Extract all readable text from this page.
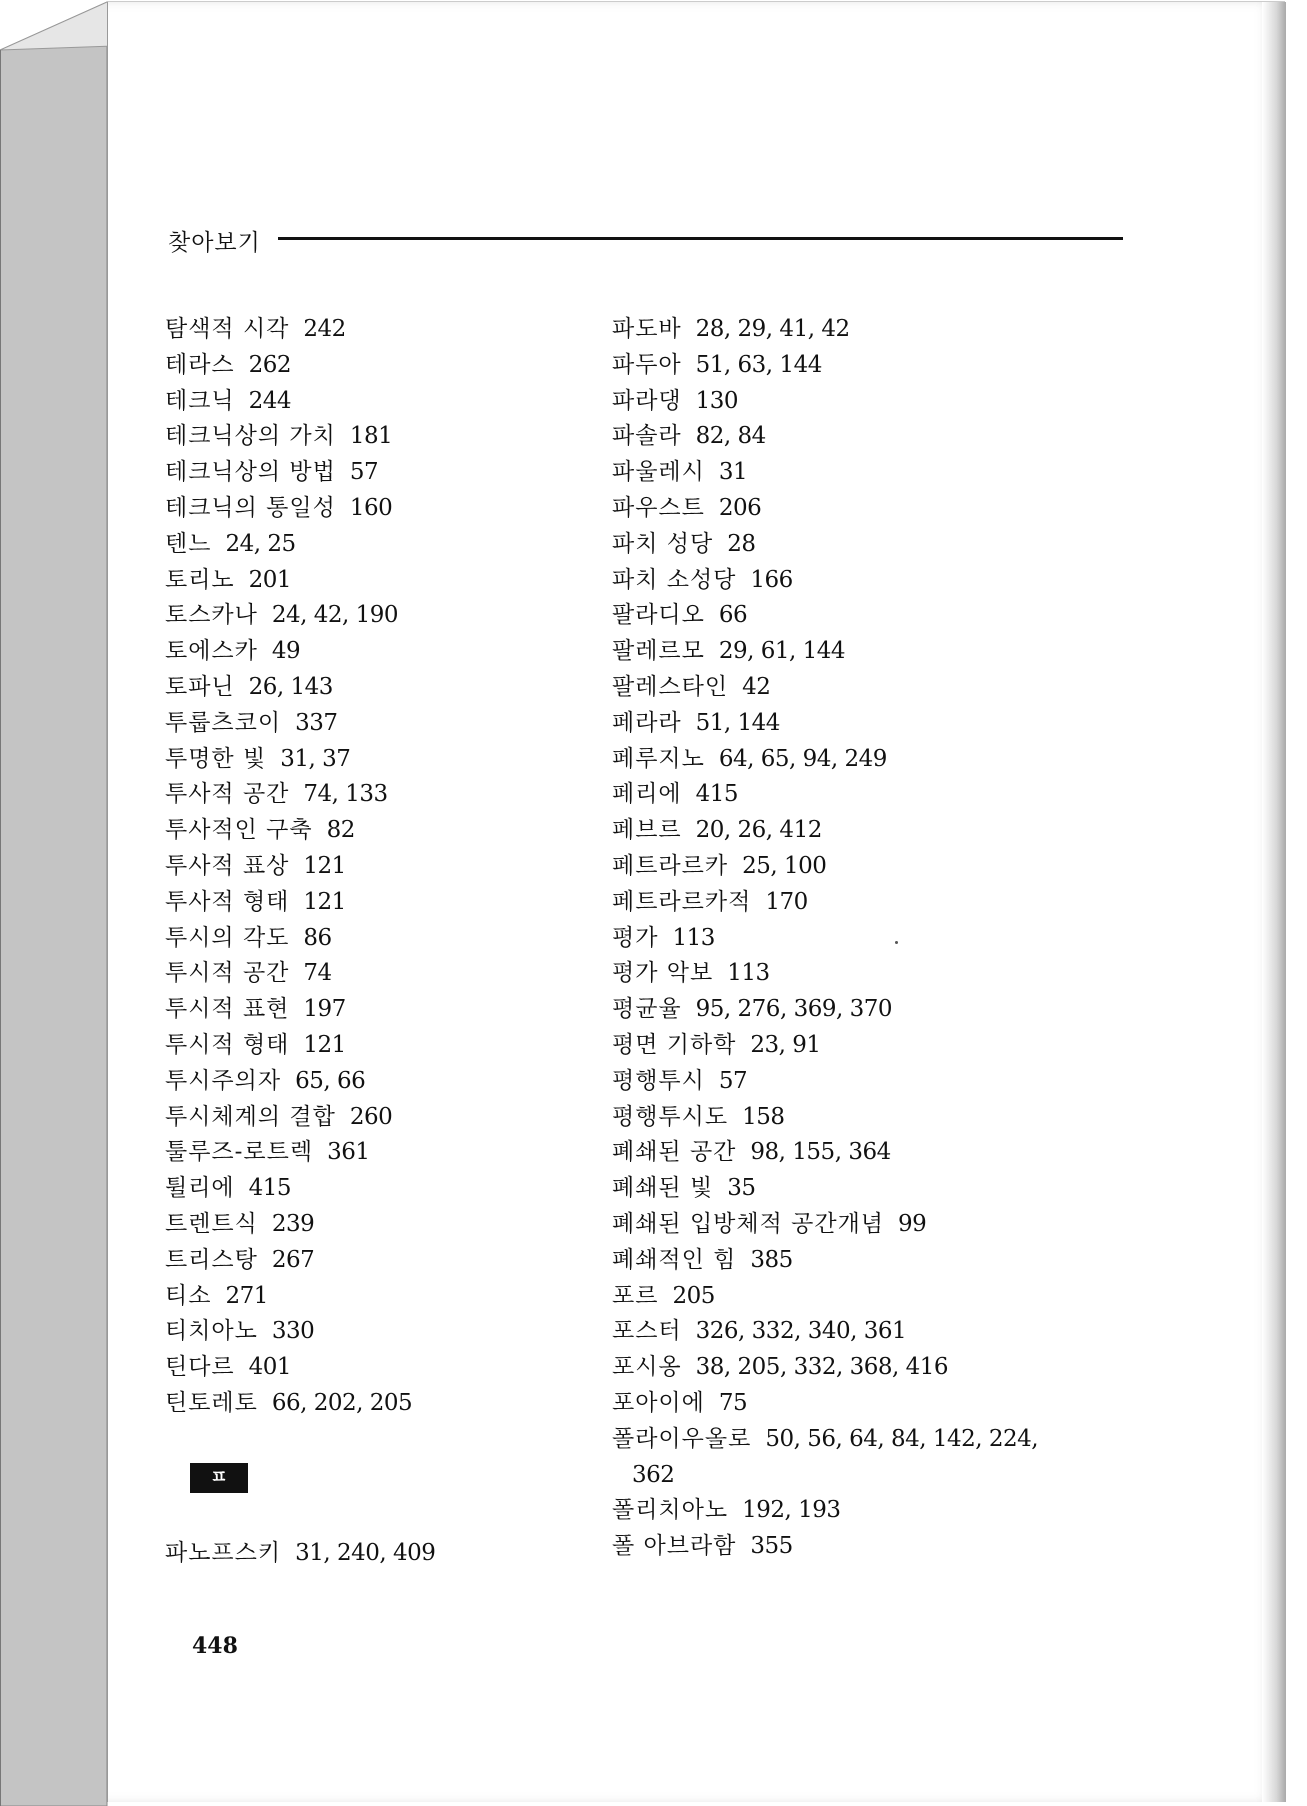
찾아보기
탐색적 시각 242
테라스 262
테크닉 244
테크닉상의 가치 181
테크닉상의 방법 57
테크닉의 통일성 160
텐느 24, 25
토리노 201
토스카나 24, 42, 190
토에스카 49
토파닌 26, 143
투룹츠코이 337
투명한 빛 31, 37
투사적 공간 74, 133
투사적인 구축 82
투사적 표상 121
투사적 형태 121
투시의 각도 86
투시적 공간 74
투시적 표현 197
투시적 형태 121
투시주의자 65, 66
투시체계의 결합 260
툴루즈-로트렉 361
튈리에 415
트렌트식 239
트리스탕 267
티소 271
티치아노 330
틴다르 401
틴토레토 66, 202, 205
파도바 28, 29, 41, 42
파두아 51, 63, 144
파라댕 130
파솔라 82, 84
파울레시 31
파우스트 206
파치 성당 28
파치 소성당 166
팔라디오 66
팔레르모 29, 61, 144
팔레스타인 42
페라라 51, 144
페루지노 64, 65, 94, 249
페리에 415
페브르 20, 26, 412
페트라르카 25, 100
페트라르카적 170
평가 113
평가 악보 113
평균율 95, 276, 369, 370
평면 기하학 23, 91
평행투시 57
평행투시도 158
폐쇄된 공간 98, 155, 364
폐쇄된 빛 35
폐쇄된 입방체적 공간개념 99
폐쇄적인 힘 385
포르 205
포스터 326, 332, 340, 361
포시옹 38, 205, 332, 368, 416
포아이에 75
폴라이우올로 50, 56, 64, 84, 142, 224,
362
폴리치아노 192, 193
폴 아브라함 355
ㅍ
파노프스키 31, 240, 409
448
